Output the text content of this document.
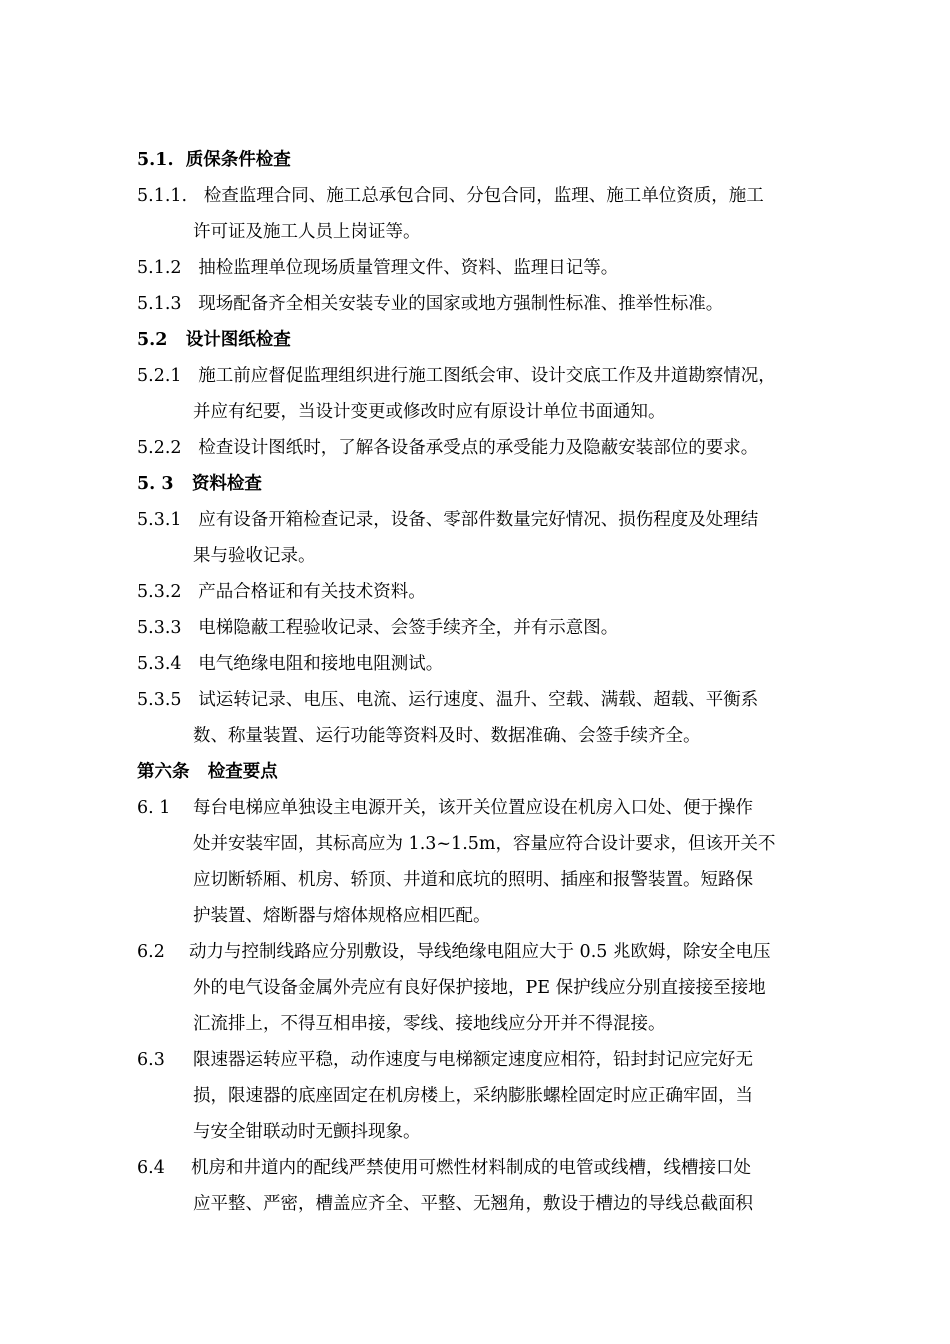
5.1. 质保条件检查
5.1.1. 检查监理合同、施工总承包合同、分包合同，监理、施工单位资质，施工
许可证及施工人员上岗证等。
5.1.2 抽检监理单位现场质量管理文件、资料、监理日记等。
5.1.3 现场配备齐全相关安装专业的国家或地方强制性标准、推举性标准。
5.2 设计图纸检查
5.2.1 施工前应督促监理组织进行施工图纸会审、设计交底工作及井道勘察情况，
并应有纪要，当设计变更或修改时应有原设计单位书面通知。
5.2.2 检查设计图纸时，了解各设备承受点的承受能力及隐蔽安装部位的要求。
5. 3 资料检查
5.3.1 应有设备开箱检查记录，设备、零部件数量完好情况、损伤程度及处理结
果与验收记录。
5.3.2 产品合格证和有关技术资料。
5.3.3 电梯隐蔽工程验收记录、会签手续齐全，并有示意图。
5.3.4 电气绝缘电阻和接地电阻测试。
5.3.5 试运转记录、电压、电流、运行速度、温升、空载、满载、超载、平衡系
数、称量装置、运行功能等资料及时、数据准确、会签手续齐全。
第六条 检查要点
6. 1 每台电梯应单独设主电源开关，该开关位置应设在机房入口处、便于操作
处并安装牢固，其标高应为 1.3~1.5m，容量应符合设计要求，但该开关不
应切断轿厢、机房、轿顶、井道和底坑的照明、插座和报警装置。短路保
护装置、熔断器与熔体规格应相匹配。
6.2 动力与控制线路应分别敷设，导线绝缘电阻应大于 0.5 兆欧姆，除安全电压
外的电气设备金属外壳应有良好保护接地，PE 保护线应分别直接接至接地
汇流排上，不得互相串接，零线、接地线应分开并不得混接。
6.3 限速器运转应平稳，动作速度与电梯额定速度应相符，铅封封记应完好无
损，限速器的底座固定在机房楼上，采纳膨胀螺栓固定时应正确牢固，当
与安全钳联动时无颤抖现象。
6.4 机房和井道内的配线严禁使用可燃性材料制成的电管或线槽，线槽接口处
应平整、严密，槽盖应齐全、平整、无翘角，敷设于槽边的导线总截面积
